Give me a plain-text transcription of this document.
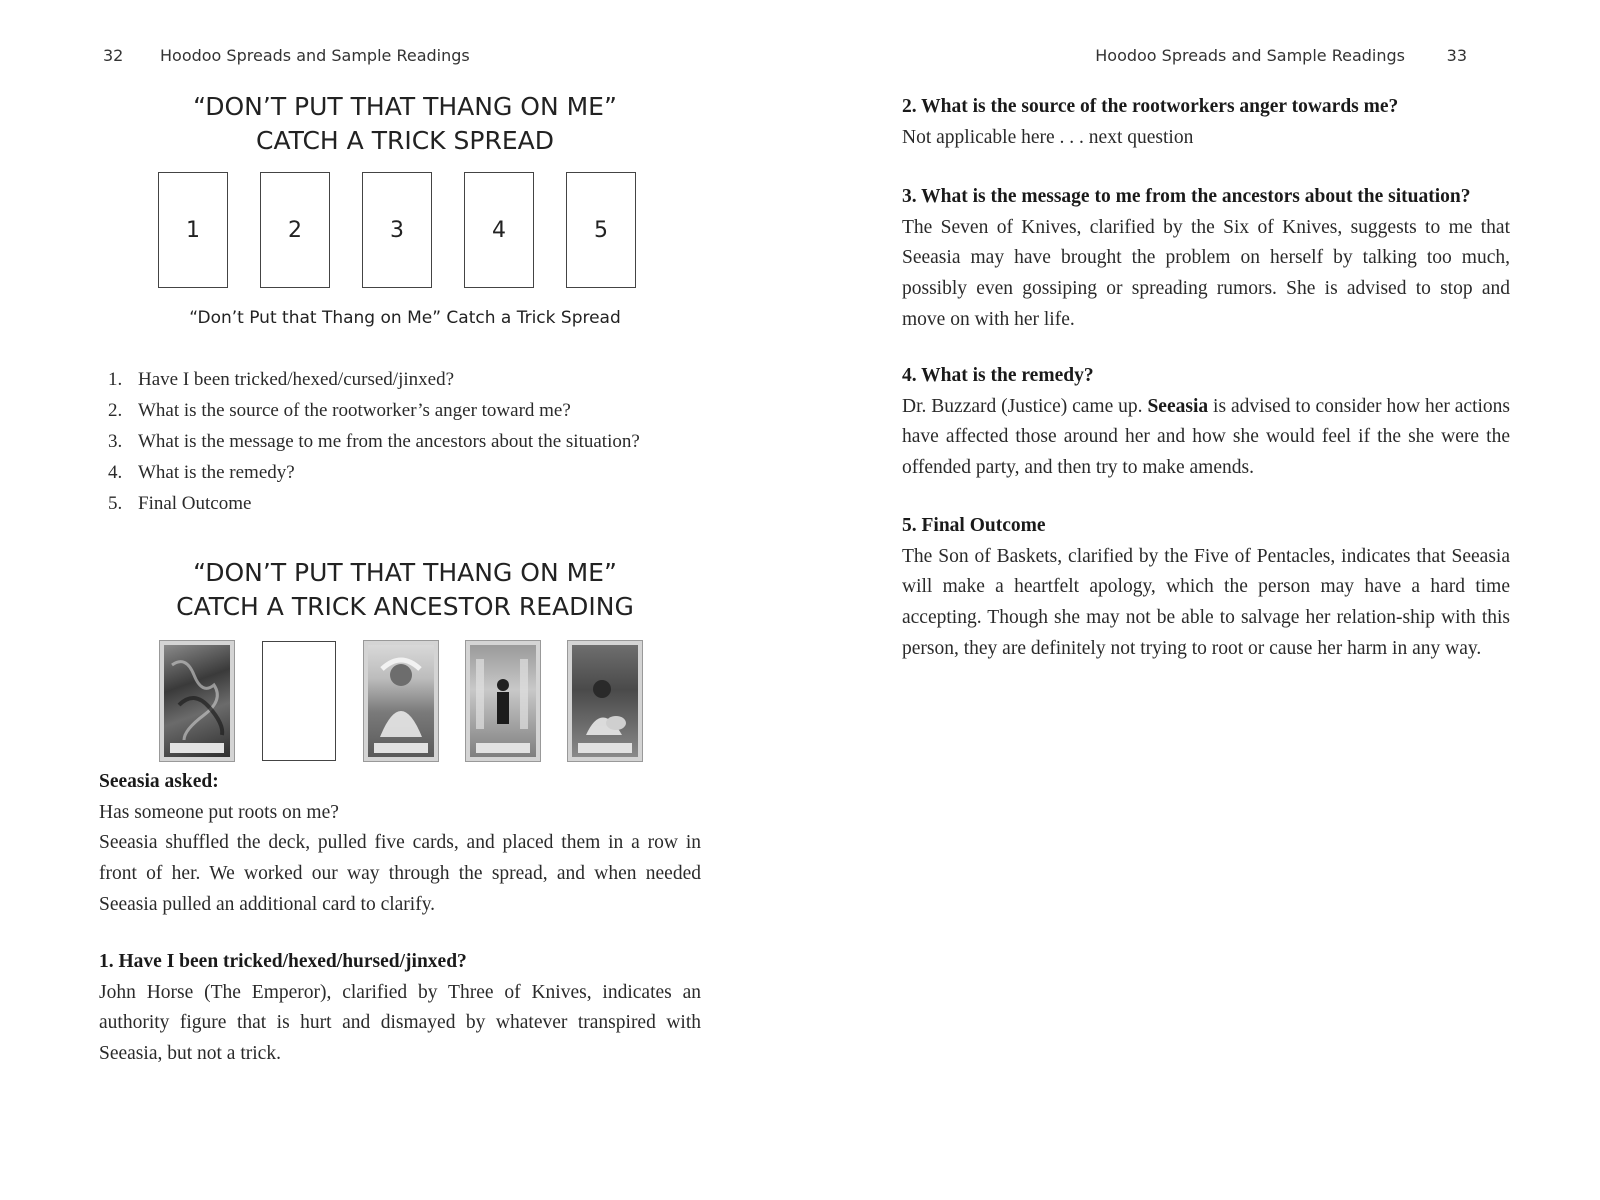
32 Hoodoo Spreads and Sample Readings
“DON’T PUT THAT THANG ON ME”
CATCH A TRICK SPREAD
1	2	3	4	5
“Don’t Put that Thang on Me” Catch a Trick Spread
1. Have I been tricked/hexed/cursed/jinxed?
2. What is the source of the rootworker’s anger toward me?
3. What is the message to me from the ancestors about the situation?
4. What is the remedy?
5. Final Outcome
“DON’T PUT THAT THANG ON ME”
CATCH A TRICK ANCESTOR READING

Seeasia asked:

Has someone put roots on me?

Seeasia shuffled the deck, pulled five cards, and placed them in a row in front of her. We worked our way through the spread, and when needed Seeasia pulled an additional card to clarify.

1. Have I been tricked/hexed/hursed/jinxed?

John Horse (The Emperor), clarified by Three of Knives, indicates an authority figure that is hurt and dismayed by whatever transpired with Seeasia, but not a trick.

Hoodoo Spreads and Sample Readings	33

2. What is the source of the rootworkers anger towards me?

Not applicable here . . . next question

3. What is the message to me from the ancestors about the situation?

The Seven of Knives, clarified by the Six of Knives, suggests to me that Seeasia may have brought the problem on herself by talking too much, possibly even gossiping or spreading rumors. She is advised to stop and move on with her life.

4. What is the remedy?

Dr. Buzzard (Justice) came up. Seeasia is advised to consider how her actions have affected those around her and how she would feel if the she were the offended party, and then try to make amends.

5. Final Outcome

The Son of Baskets, clarified by the Five of Pentacles, indicates that Seeasia will make a heartfelt apology, which the person may have a hard time accepting. Though she may not be able to salvage her relation-ship with this person, they are definitely not trying to root or cause her harm in any way.
